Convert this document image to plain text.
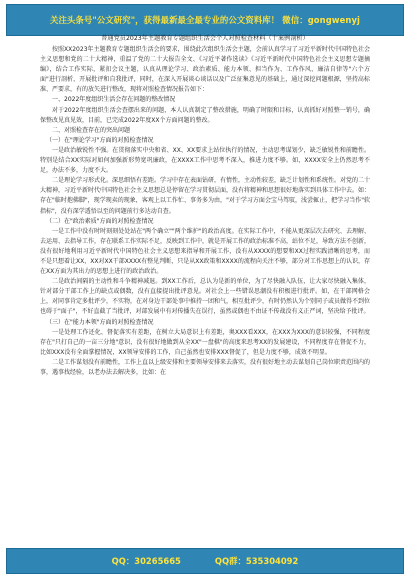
关注头条号"公文研究"，获得最新最全最专业的公文资料库！ 微信：gongwenyj
普通党员2023年主题教育专题组织生活会个人对照检查材料（十案例剖析）
按照XX2023年主题教育专题组织生活会的要求，围绕此次组织生活会主题，会前认真学习了习近平新时代中国特色社会主义思想和党的二十大精神，重温了党的二十大报告全文、《习近平著作选读》《习近平新时代中国特色社会主义思想专题摘编》，结合工作实际，紧扣会议主题，认真从理论学习、政治素质、能力本领、担当作为、工作作风、廉洁自律等"六个方面"进行剖析，开展批评和自我批评，同时，在深入开展谈心谈话以及广泛征集意见的基础上，通过深挖问题根源，坚持高标准、严要求，有的放矢进行整改，现将对照检查情况报告如下：
一、2022年度组织生活会存在问题的整改情况
对于2022年度组织生活会查摆出来的问题，本人认真制定了整改措施，明确了时限和目标，认真抓好对照整一销号，确保整改见真见效，目前，已完成2022年度XX个方面问题的整改。
二、对照检查存在的突出问题
（一）在"理论学习"方面的对照检查情况
一是政治敏锐性不强。在贯彻落实中央和省、XX、XX要求上站位执行的情况，主动思考谋划少，缺乏敏锐性和前瞻性。特别是结合XX实际对如何加强新形势宽巩廉政，在XXXX工作中思考不深入，推进力度不够。如，XXXX安全上仍然思考不足，办法不多，力度不大。
二是理论学习形式化。深思细悟有差距。学习中存在表面钻研，有惰性，主动性较差，缺乏计划性和系统性。对党的二十大精神，习近平新时代中国特色社会主义思想总是停留在学习贯彻层面，没有将精神和思想很好地落实到具体工作中去。如：存在"临时抱佛脚"，现学现卖的现象，客观上以工作忙、事务多为由，"对于学习方面会宝马驾驭，浅尝辄止，把学习当作"软指标"，没有深学透悟以至的问题前行多达动自查。
（二）在"政治素质"方面的对照检查情况
一是工作中没有时时刻刻处处站在"两个确立""两个维护"的政治高度。在实际工作中，不能从更深层次去研究、去理解、去运用、去指导工作，存在联系工作实际不足，反映到工作中，就是开展工作的政治标准不高，站位不足，导致方法不创新，没有很好地利用习近平新时代中国特色社会主义思想来指导和开展工作，没有从XXXX的想要和XX过程实践清晰的思考，而不是只想着让XX，XX对XX干部XXXX有整见判断，只是从XX政策和XXXX的流程向关注不够，部分对工作思想上的认识，存在XX方面为其出力的思想上进行的政治政治。
二是政治间隔的主动性和斗争精神减退。到XX工作后，总认为是新的单位，为了尽快融入队伍，让大家尽快融入集体，针对部分干部工作上的缺点或偶数，没有直接提出批评意见。对社会上一些错误思潮没有积极进行批评。如，在干部网格会上，对同事肯定多批评少，不实物，在对身边干部处事中推持一团和气，相互批评少，有时仍然认为个别同子或员做得不到位也碍于"面子"，不好直截了当批评，对部发展中有对传播失在误行，虽然或偶也不由证不传战没有义正严词，坚决给予批评。
（三）在"能力本领"方面的对照检查情况
一是处理工作还化、督促落实有差距，在树立大局意识上有差距，奥XXX看XXX，在XXX为XXX的意识较强，不同程度存在"只打自己的一亩三分地"意识，没有很好地做到从全XX"一盘棋"的高度来思考XX的发展建设，不同程度存在督促不力，比如XXX没有全面掌握情况，XX领导安排的工作，自己虽然也安排XXX督促了，但是力度不够，成效不明显。
二是工作谋划没有前瞻性，工作上直以上级安排和主要领导安排来去落实，没有很好地主动去谋划自己岗位职责范围内的事，遇事找经验，以老办法去解决多，比如：在
QQ：30265665	QQ群：535304092
